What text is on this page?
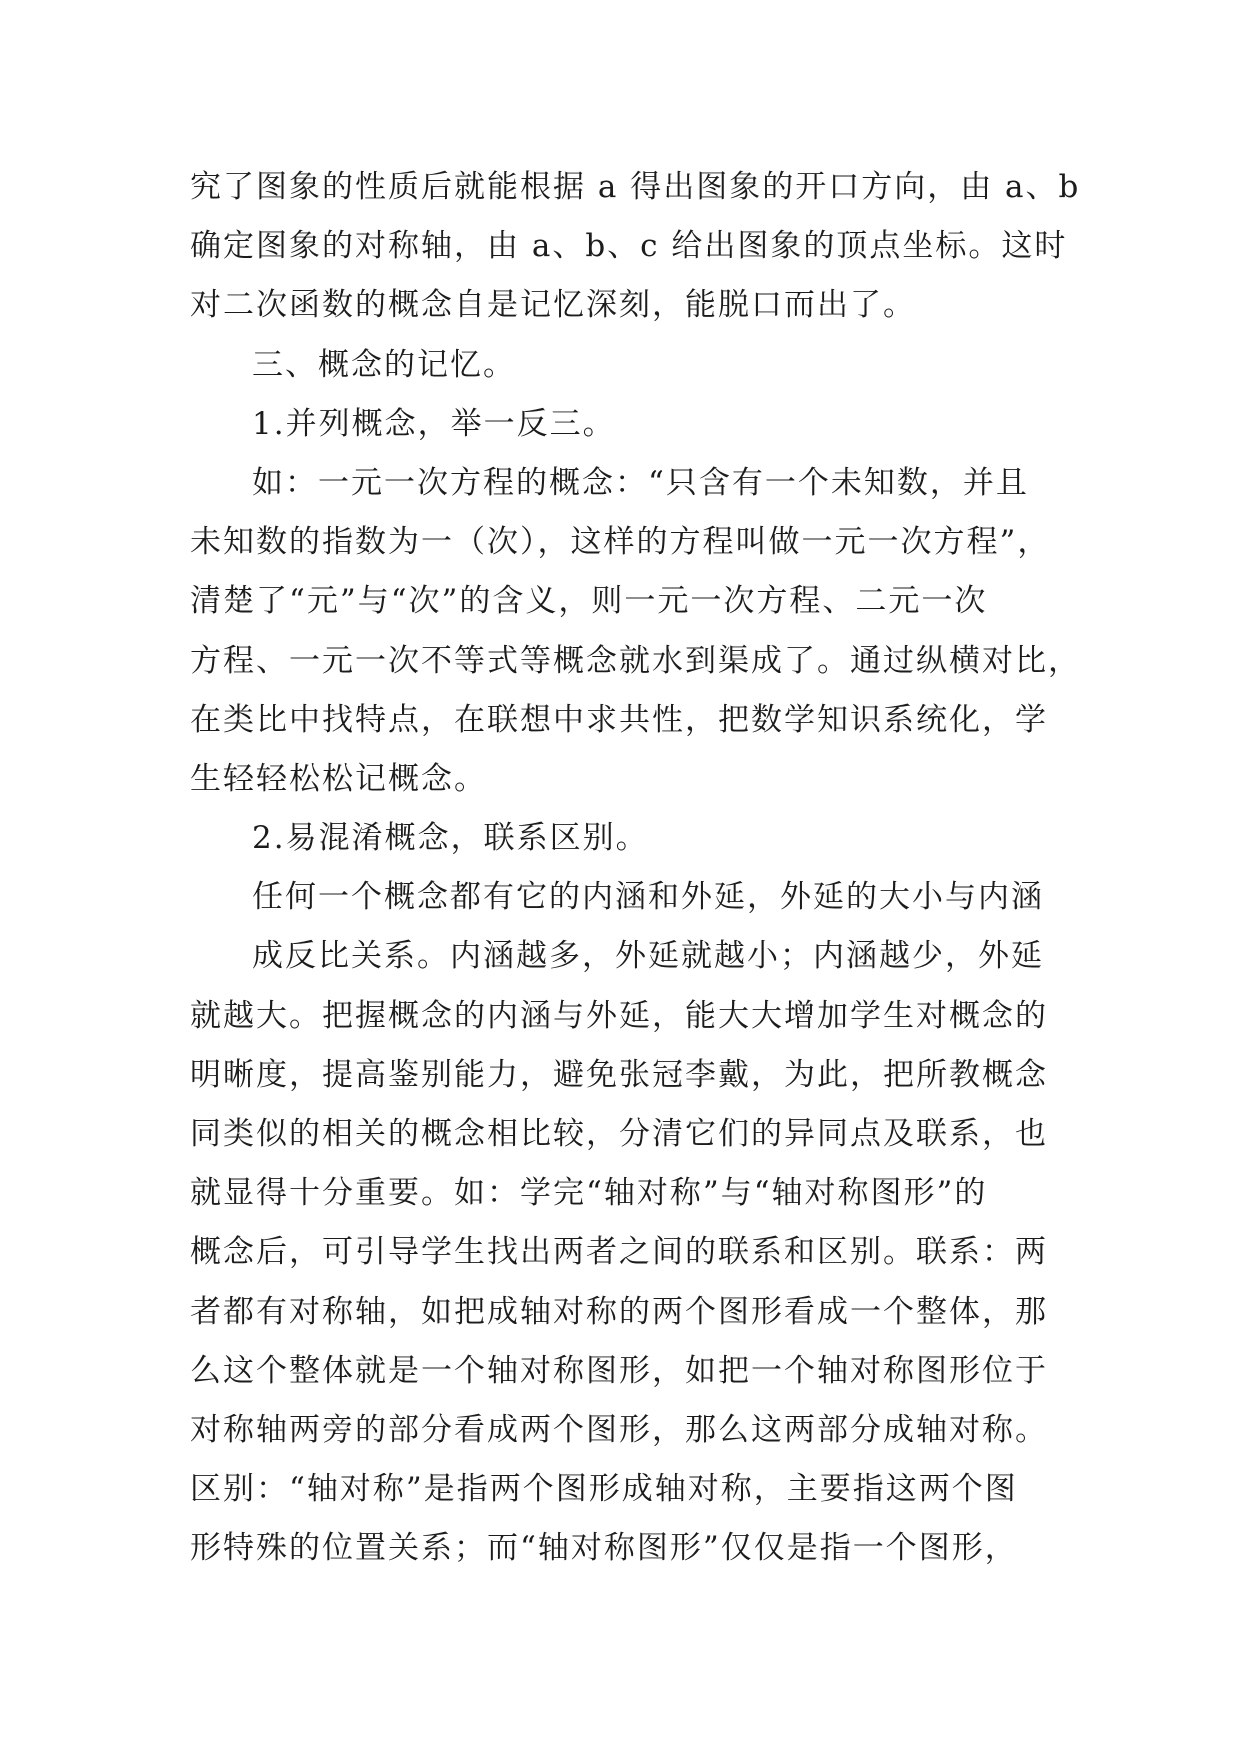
究了图象的性质后就能根据 a 得出图象的开口方向，由 a、b
确定图象的对称轴，由 a、b、c 给出图象的顶点坐标。这时
对二次函数的概念自是记忆深刻，能脱口而出了。
三、概念的记忆。
1.并列概念，举一反三。
如：一元一次方程的概念：“只含有一个未知数，并且
未知数的指数为一（次），这样的方程叫做一元一次方程”，
清楚了“元”与“次”的含义，则一元一次方程、二元一次
方程、一元一次不等式等概念就水到渠成了。通过纵横对比，
在类比中找特点，在联想中求共性，把数学知识系统化，学
生轻轻松松记概念。
2.易混淆概念，联系区别。
任何一个概念都有它的内涵和外延，外延的大小与内涵
成反比关系。内涵越多，外延就越小；内涵越少，外延
就越大。把握概念的内涵与外延，能大大增加学生对概念的
明晰度，提高鉴别能力，避免张冠李戴，为此，把所教概念
同类似的相关的概念相比较，分清它们的异同点及联系，也
就显得十分重要。如：学完“轴对称”与“轴对称图形”的
概念后，可引导学生找出两者之间的联系和区别。联系：两
者都有对称轴，如把成轴对称的两个图形看成一个整体，那
么这个整体就是一个轴对称图形，如把一个轴对称图形位于
对称轴两旁的部分看成两个图形，那么这两部分成轴对称。
区别：“轴对称”是指两个图形成轴对称，主要指这两个图
形特殊的位置关系；而“轴对称图形”仅仅是指一个图形，
